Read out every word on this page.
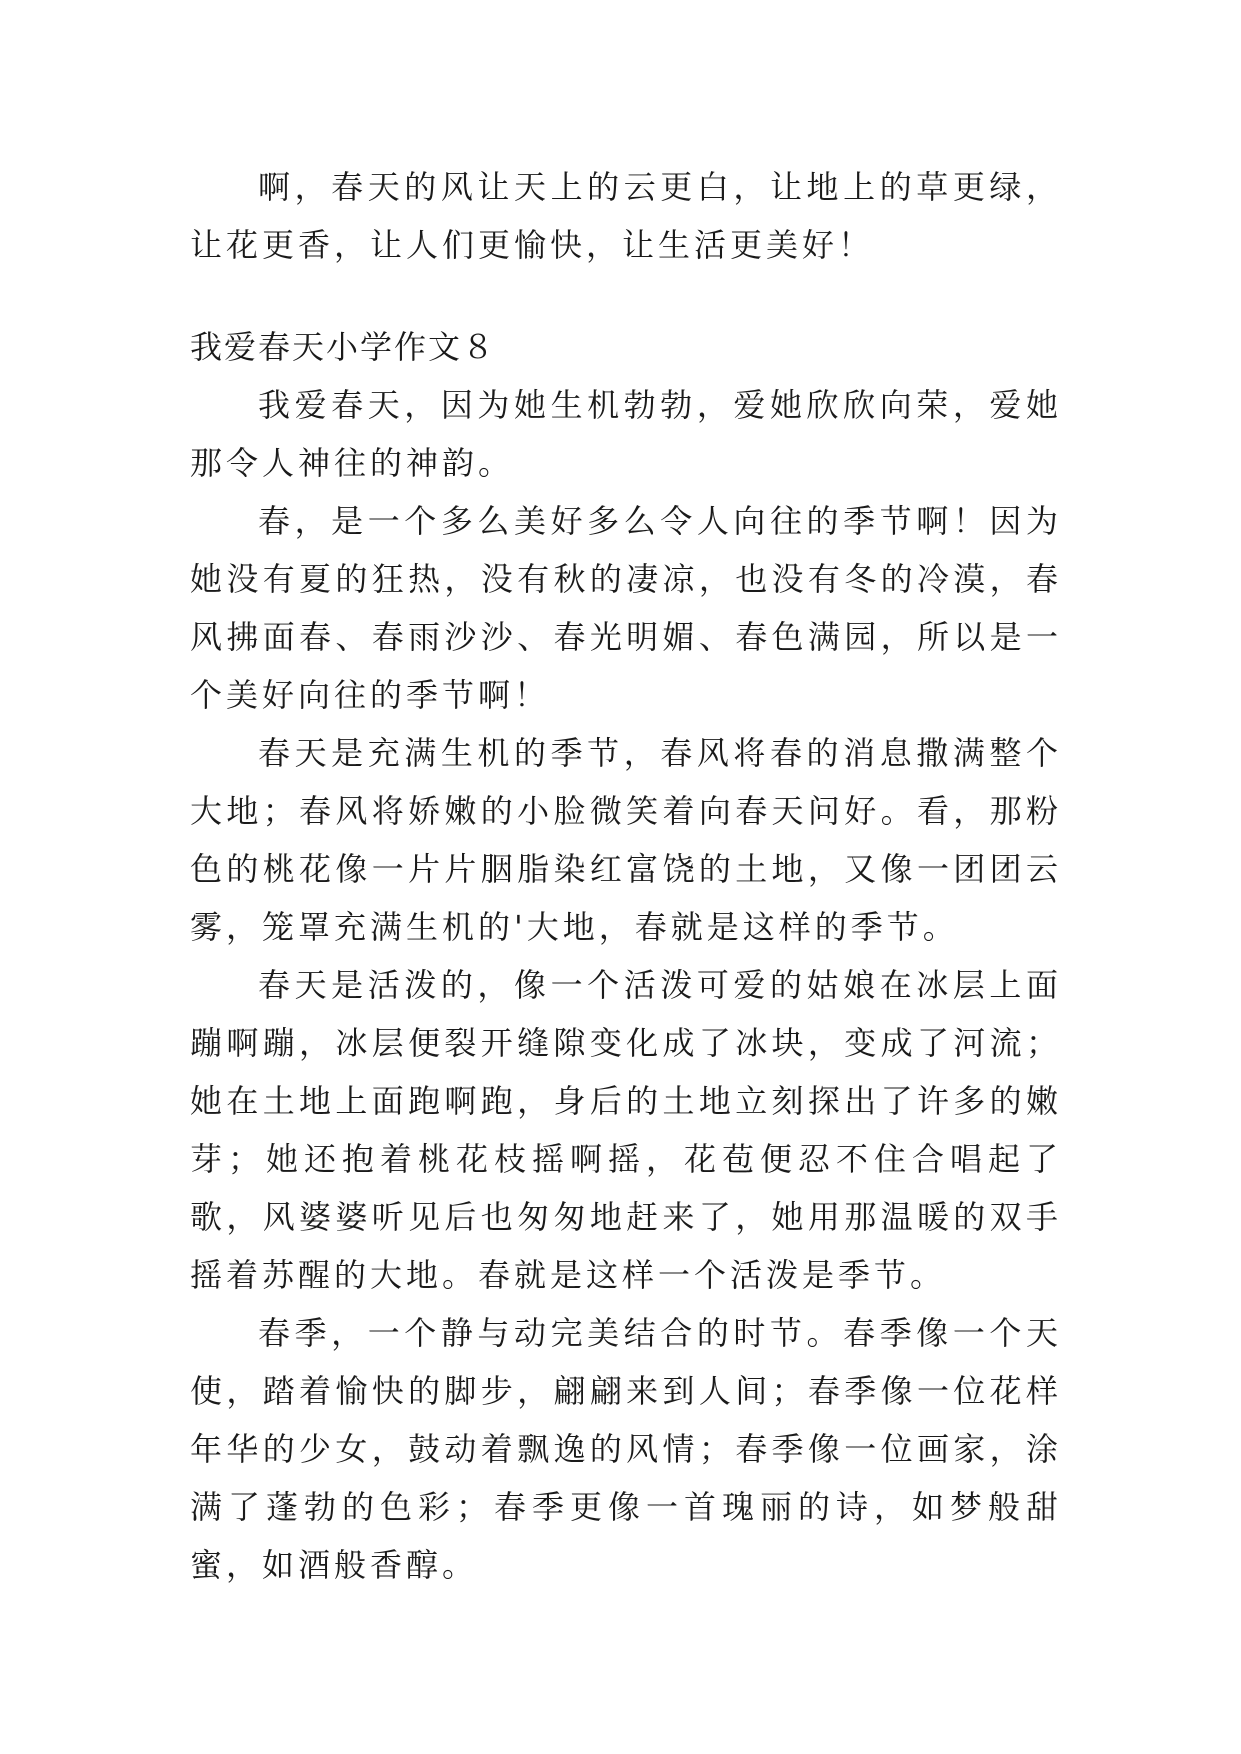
啊，春天的风让天上的云更白，让地上的草更绿，让花更香，让人们更愉快，让生活更美好！

我爱春天小学作文８

我爱春天，因为她生机勃勃，爱她欣欣向荣，爱她那令人神往的神韵。

春，是一个多么美好多么令人向往的季节啊！因为她没有夏的狂热，没有秋的凄凉，也没有冬的冷漠，春风拂面春、春雨沙沙、春光明媚、春色满园，所以是一个美好向往的季节啊！

春天是充满生机的季节，春风将春的消息撒满整个大地；春风将娇嫩的小脸微笑着向春天问好。看，那粉色的桃花像一片片胭脂染红富饶的土地，又像一团团云雾，笼罩充满生机的'大地，春就是这样的季节。

春天是活泼的，像一个活泼可爱的姑娘在冰层上面蹦啊蹦，冰层便裂开缝隙变化成了冰块，变成了河流；她在土地上面跑啊跑，身后的土地立刻探出了许多的嫩芽；她还抱着桃花枝摇啊摇，花苞便忍不住合唱起了歌，风婆婆听见后也匆匆地赶来了，她用那温暖的双手摇着苏醒的大地。春就是这样一个活泼是季节。

春季，一个静与动完美结合的时节。春季像一个天使，踏着愉快的脚步，翩翩来到人间；春季像一位花样年华的少女，鼓动着飘逸的风情；春季像一位画家，涂满了蓬勃的色彩；春季更像一首瑰丽的诗，如梦般甜蜜，如酒般香醇。
